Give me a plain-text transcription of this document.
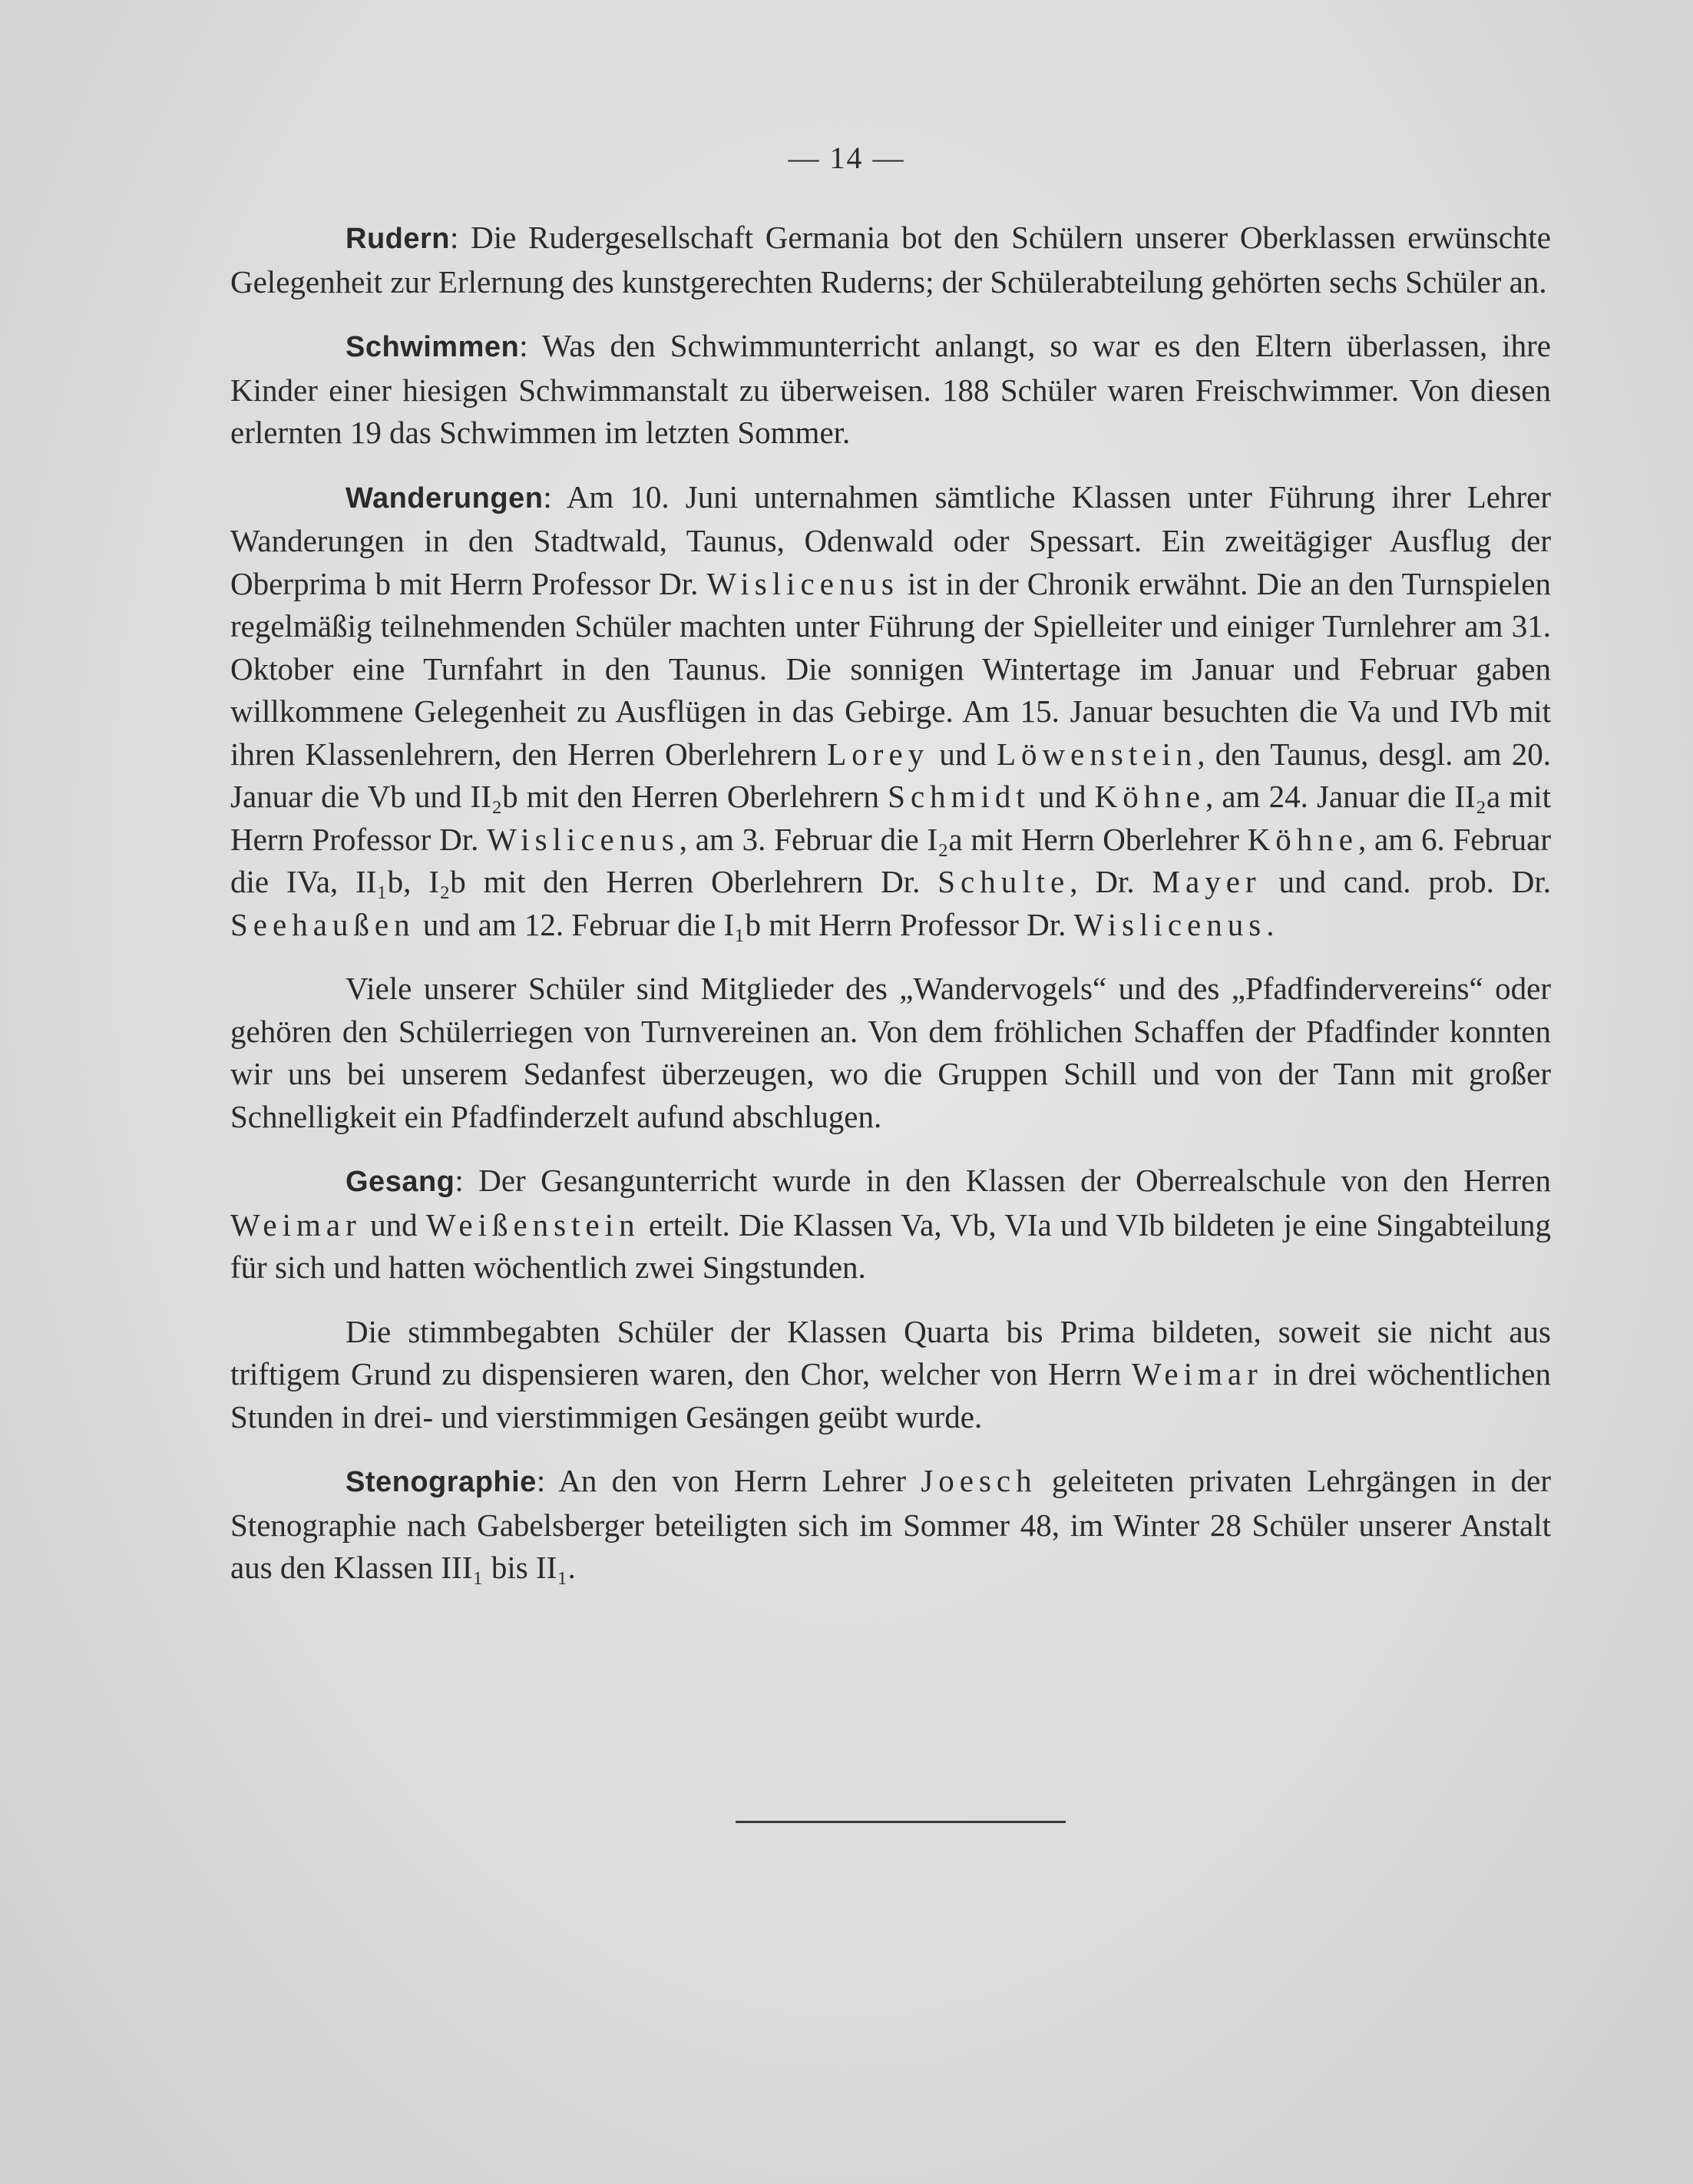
— 14 —

Rudern: Die Rudergesellschaft Germania bot den Schülern unserer Oberklassen erwünschte Gelegenheit zur Erlernung des kunstgerechten Ruderns; der Schülerabteilung gehörten sechs Schüler an.

Schwimmen: Was den Schwimmunterricht anlangt, so war es den Eltern überlassen, ihre Kinder einer hiesigen Schwimmanstalt zu überweisen. 188 Schüler waren Freischwimmer. Von diesen erlernten 19 das Schwimmen im letzten Sommer.

Wanderungen: Am 10. Juni unternahmen sämtliche Klassen unter Führung ihrer Lehrer Wanderungen in den Stadtwald, Taunus, Odenwald oder Spessart. Ein zweitägiger Ausflug der Oberprima b mit Herrn Professor Dr. Wislicenus ist in der Chronik erwähnt. Die an den Turnspielen regelmäßig teilnehmenden Schüler machten unter Führung der Spielleiter und einiger Turnlehrer am 31. Oktober eine Turnfahrt in den Taunus. Die sonnigen Wintertage im Januar und Februar gaben willkommene Gelegenheit zu Ausflügen in das Gebirge. Am 15. Januar besuchten die Va und IVb mit ihren Klassenlehrern, den Herren Oberlehrern Lorey und Löwenstein, den Taunus, desgl. am 20. Januar die Vb und II₂b mit den Herren Oberlehrern Schmidt und Köhne, am 24. Januar die II₂a mit Herrn Professor Dr. Wislicenus, am 3. Februar die I₂a mit Herrn Oberlehrer Köhne, am 6. Februar die IVa, II₁b, I₂b mit den Herren Oberlehrern Dr. Schulte, Dr. Mayer und cand. prob. Dr. Seehaußen und am 12. Februar die I₁b mit Herrn Professor Dr. Wislicenus.

Viele unserer Schüler sind Mitglieder des „Wandervogels“ und des „Pfadfindervereins“ oder gehören den Schülerriegen von Turnvereinen an. Von dem fröhlichen Schaffen der Pfadfinder konnten wir uns bei unserem Sedanfest überzeugen, wo die Gruppen Schill und von der Tann mit großer Schnelligkeit ein Pfadfinderzelt aufund abschlugen.

Gesang: Der Gesangunterricht wurde in den Klassen der Oberrealschule von den Herren Weimar und Weißenstein erteilt. Die Klassen Va, Vb, VIa und VIb bildeten je eine Singabteilung für sich und hatten wöchentlich zwei Singstunden.

Die stimmbegabten Schüler der Klassen Quarta bis Prima bildeten, soweit sie nicht aus triftigem Grund zu dispensieren waren, den Chor, welcher von Herrn Weimar in drei wöchentlichen Stunden in drei- und vierstimmigen Gesängen geübt wurde.

Stenographie: An den von Herrn Lehrer Joesch geleiteten privaten Lehrgängen in der Stenographie nach Gabelsberger beteiligten sich im Sommer 48, im Winter 28 Schüler unserer Anstalt aus den Klassen III₁ bis II₁.
